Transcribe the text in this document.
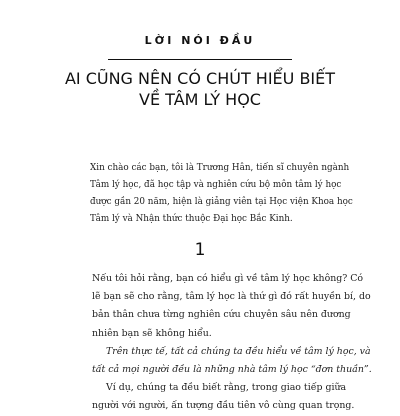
LỜI NÓI ĐẦU
AI CŨNG NÊN CÓ CHÚT HIỂU BIẾT
VỀ TÂM LÝ HỌC
Xin chào các bạn, tôi là Trương Hân, tiến sĩ chuyên ngành
Tâm lý học, đã học tập và nghiên cứu bộ môn tâm lý học
được gần 20 năm, hiện là giảng viên tại Học viện Khoa học
Tâm lý và Nhận thức thuộc Đại học Bắc Kinh.
1
Nếu tôi hỏi rằng, bạn có hiểu gì về tâm lý học không? Có
lẽ bạn sẽ cho rằng, tâm lý học là thứ gì đó rất huyền bí, do
bản thân chưa từng nghiên cứu chuyên sâu nên đương
nhiên bạn sẽ không hiểu.
Trên thực tế, tất cả chúng ta đều hiểu về tâm lý học, và
tất cả mọi người đều là những nhà tâm lý học “đơn thuần”.
Ví dụ, chúng ta đều biết rằng, trong giao tiếp giữa
người với người, ấn tượng đầu tiên vô cùng quan trọng.
